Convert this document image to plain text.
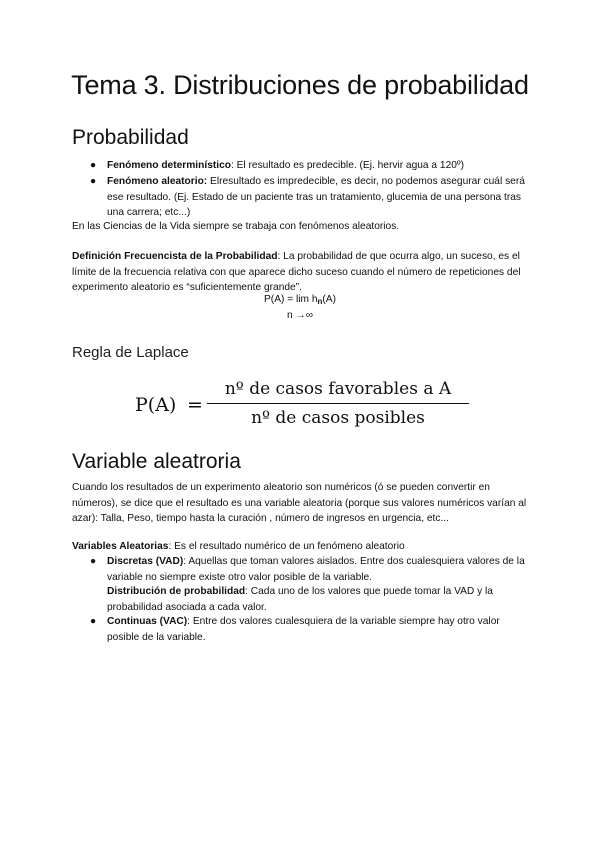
Tema 3. Distribuciones de probabilidad
Probabilidad
● Fenómeno determinístico: El resultado es predecible. (Ej. hervir agua a 120º)
● Fenómeno aleatorio: Elresultado es impredecible, es decir, no podemos asegurar cuál será ese resultado. (Ej. Estado de un paciente tras un tratamiento, glucemia de una persona tras una carrera; etc...)

En las Ciencias de la Vida siempre se trabaja con fenómenos aleatorios.

Definición Frecuencista de la Probabilidad: La probabilidad de que ocurra algo, un suceso, es el límite de la frecuencia relativa con que aparece dicho suceso cuando el número de repeticiones del experimento aleatorio es “suficientemente grande”.

P(A) = lim hn(A)
n →∞
Regla de Laplace
P(A) =
nº de casos favorables a A
nº de casos posibles
Variable aleatroria

Cuando los resultados de un experimento aleatorio son numéricos (ó se pueden convertir en números), se dice que el resultado es una variable aleatoria (porque sus valores numéricos varían al azar): Talla, Peso, tiempo hasta la curación , número de ingresos en urgencia, etc...

Variables Aleatorias: Es el resultado numérico de un fenómeno aleatorio

● Discretas (VAD): Aquellas que toman valores aislados. Entre dos cualesquiera valores de la variable no siempre existe otro valor posible de la variable.
Distribución de probabilidad: Cada uno de los valores que puede tomar la VAD y la probabilidad asociada a cada valor.
● Continuas (VAC): Entre dos valores cualesquiera de la variable siempre hay otro valor posible de la variable.
